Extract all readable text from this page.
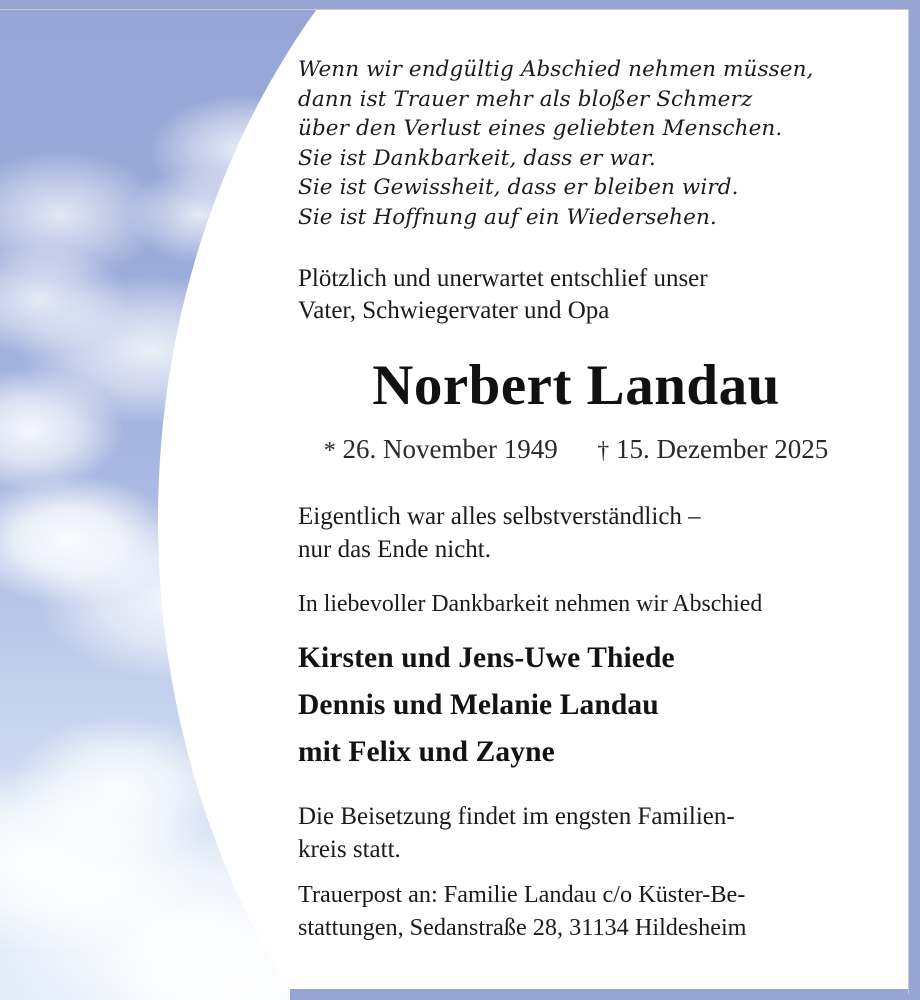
Wenn wir endgültig Abschied nehmen müssen,
dann ist Trauer mehr als bloßer Schmerz
über den Verlust eines geliebten Menschen.
Sie ist Dankbarkeit, dass er war.
Sie ist Gewissheit, dass er bleiben wird.
Sie ist Hoffnung auf ein Wiedersehen.
Plötzlich und unerwartet entschlief unser
Vater, Schwiegervater und Opa
Norbert Landau
* 26. November 1949 † 15. Dezember 2025
Eigentlich war alles selbstverständlich –
nur das Ende nicht.
In liebevoller Dankbarkeit nehmen wir Abschied
Kirsten und Jens-Uwe Thiede
Dennis und Melanie Landau
mit Felix und Zayne
Die Beisetzung findet im engsten Familien-
kreis statt.
Trauerpost an: Familie Landau c/o Küster-Be-
stattungen, Sedanstraße 28, 31134 Hildesheim
